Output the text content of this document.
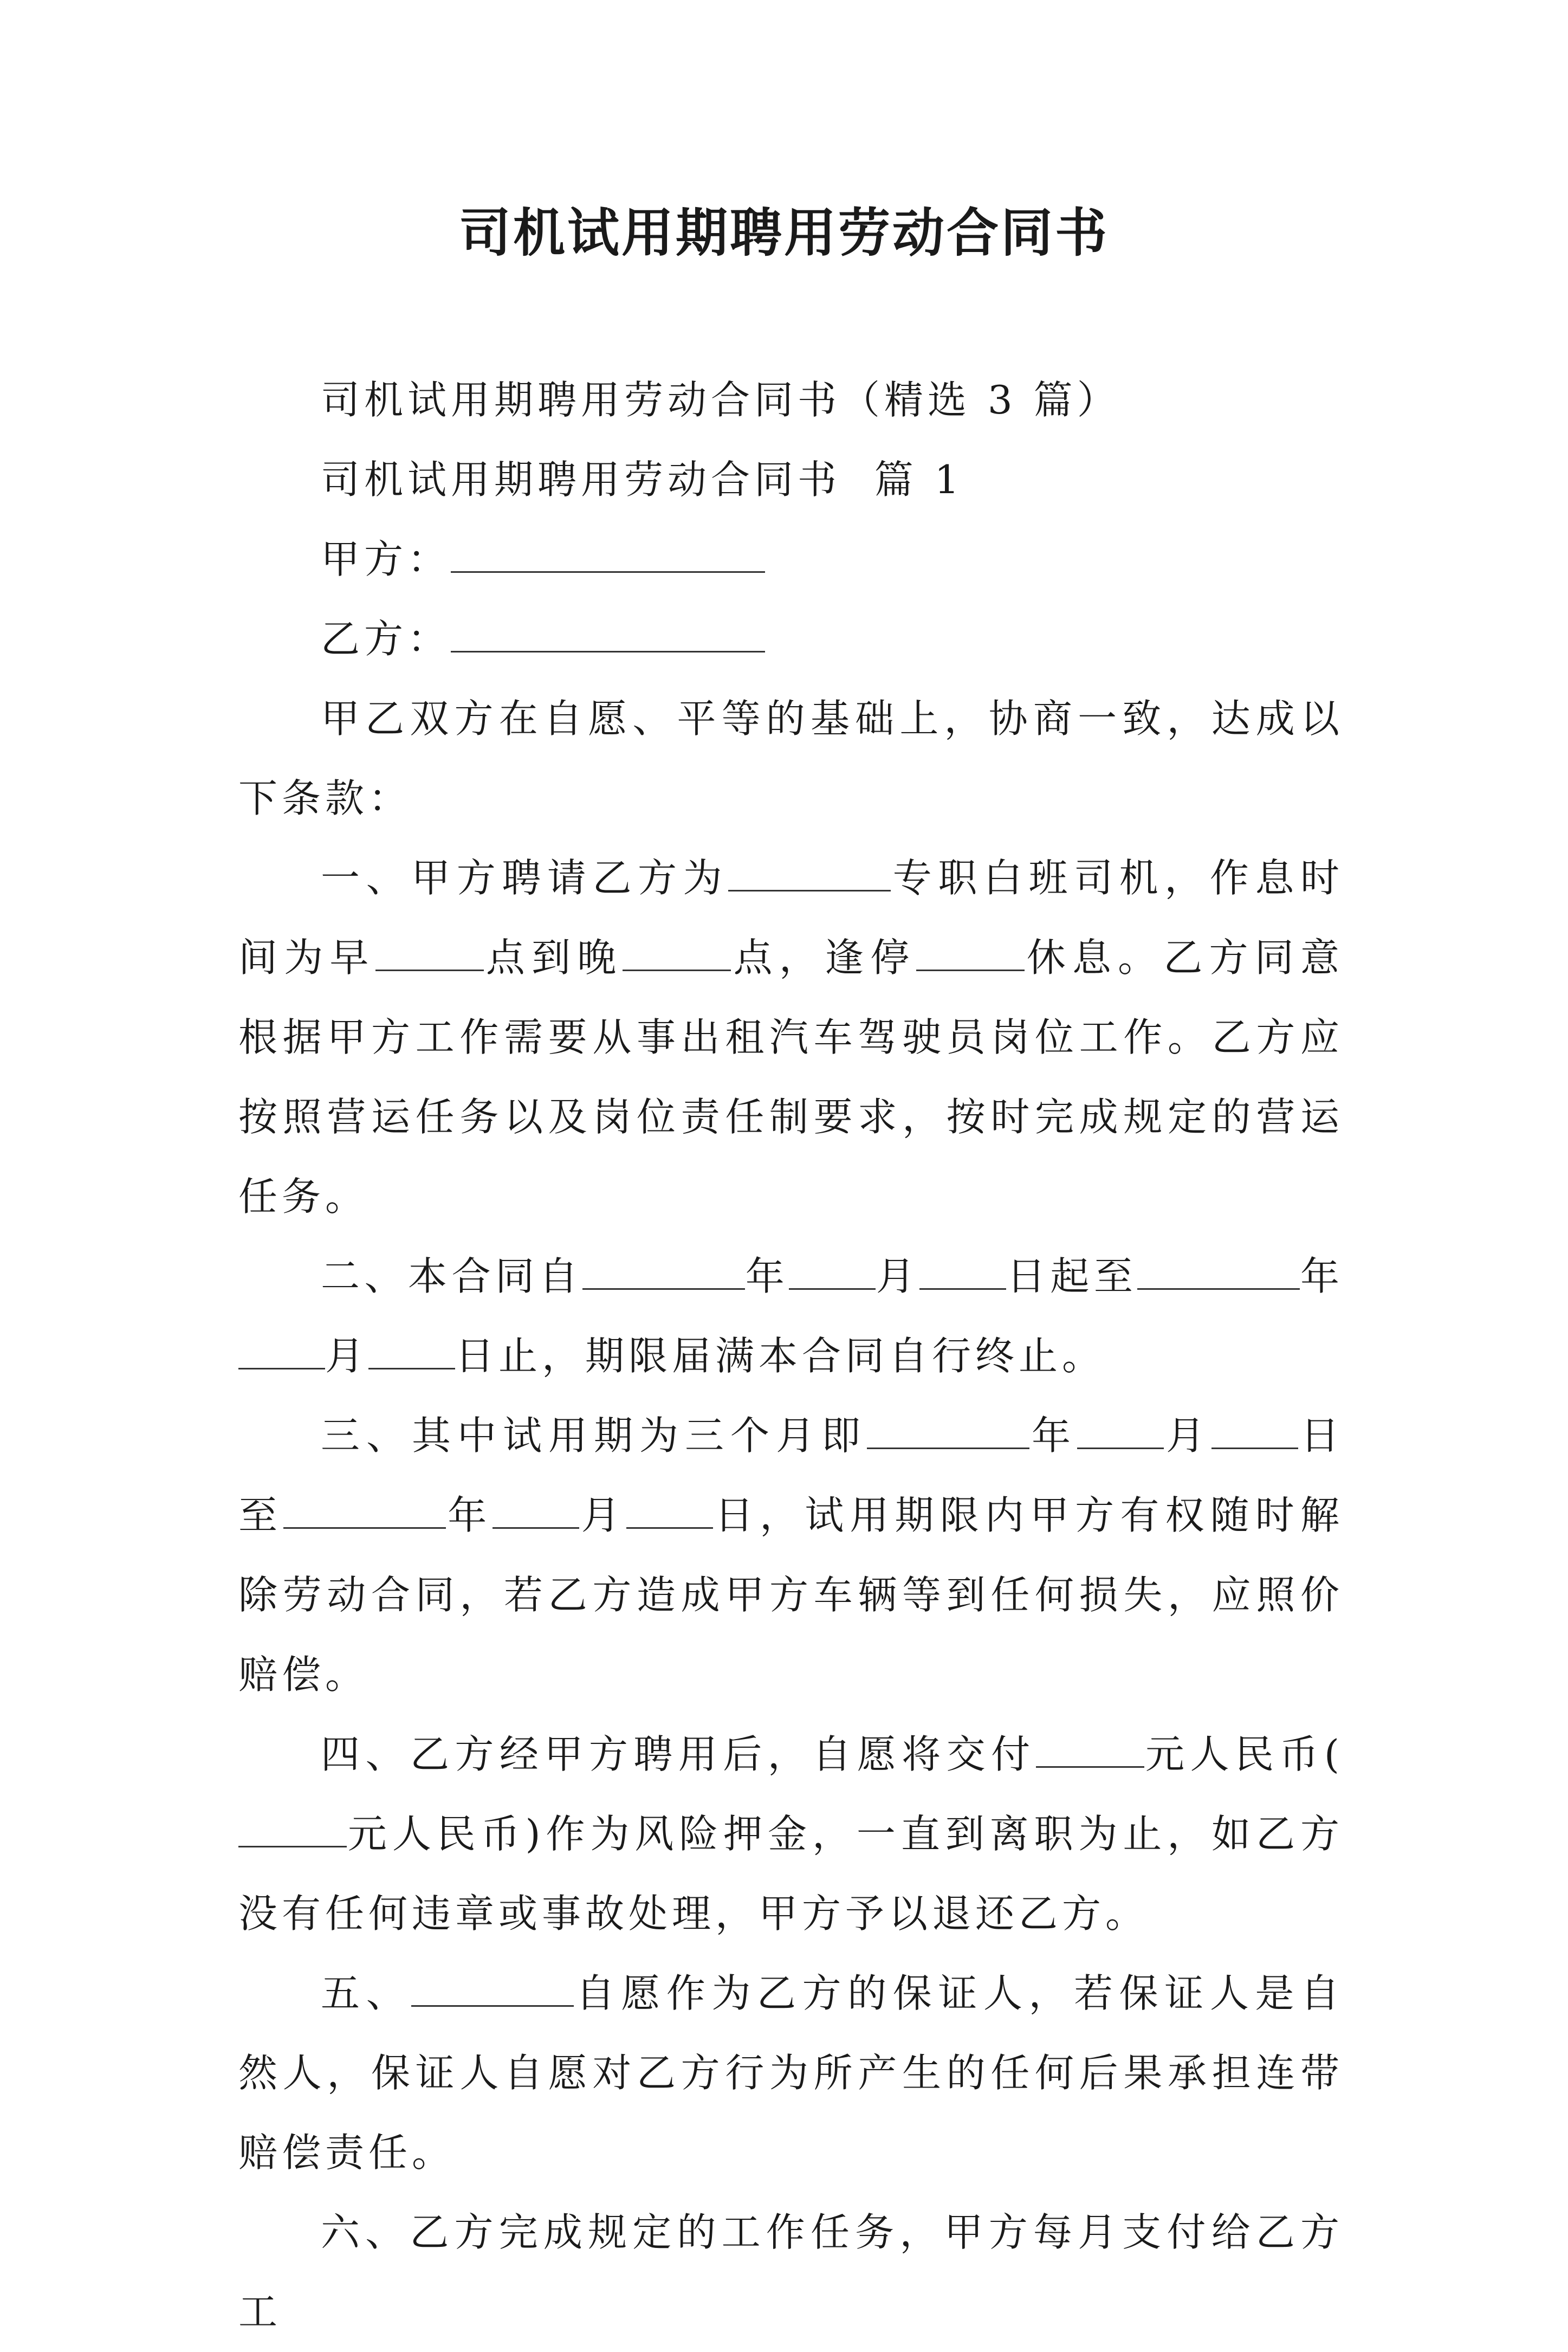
司机试用期聘用劳动合同书

司机试用期聘用劳动合同书（精选 3 篇）

司机试用期聘用劳动合同书  篇 1

甲方：

乙方：

甲乙双方在自愿、平等的基础上，协商一致，达成以下条款：

一、甲方聘请乙方为	专职白班司机，作息时间为早	点到晚	点，逢停	休息。乙方同意根据甲方工作需要从事出租汽车驾驶员岗位工作。乙方应按照营运任务以及岗位责任制要求，按时完成规定的营运任务。

二、本合同自	年 月 日起至	年月 日止，期限届满本合同自行终止。

三、其中试用期为三个月即	年 月 日至	年 月 日，试用期限内甲方有权随时解除劳动合同，若乙方造成甲方车辆等到任何损失，应照价赔偿。

四、乙方经甲方聘用后，自愿将交付	元人民币(元人民币)作为风险押金，一直到离职为止，如乙方没有任何违章或事故处理，甲方予以退还乙方。

五、	自愿作为乙方的保证人，若保证人是自然人，保证人自愿对乙方行为所产生的任何后果承担连带赔偿责任。

六、乙方完成规定的工作任务，甲方每月支付给乙方工
